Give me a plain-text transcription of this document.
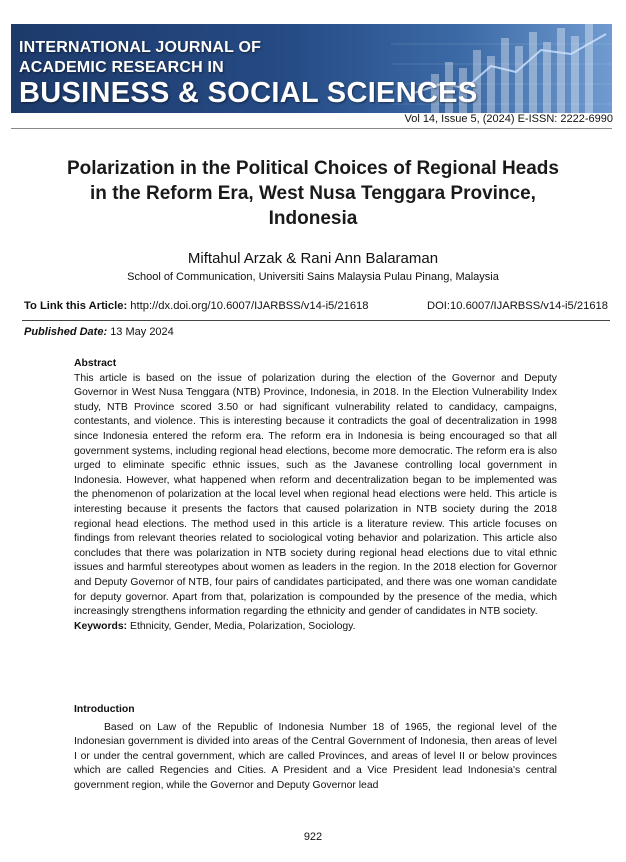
INTERNATIONAL JOURNAL OF
ACADEMIC RESEARCH IN
BUSINESS & SOCIAL SCIENCES
Vol 14, Issue 5, (2024) E-ISSN: 2222-6990
Polarization in the Political Choices of Regional Heads in the Reform Era, West Nusa Tenggara Province, Indonesia
Miftahul Arzak & Rani Ann Balaraman
School of Communication, Universiti Sains Malaysia Pulau Pinang, Malaysia
To Link this Article: http://dx.doi.org/10.6007/IJARBSS/v14-i5/21618	DOI:10.6007/IJARBSS/v14-i5/21618
Published Date: 13 May 2024
Abstract
This article is based on the issue of polarization during the election of the Governor and Deputy Governor in West Nusa Tenggara (NTB) Province, Indonesia, in 2018. In the Election Vulnerability Index study, NTB Province scored 3.50 or had significant vulnerability related to candidacy, campaigns, contestants, and violence. This is interesting because it contradicts the goal of decentralization in 1998 since Indonesia entered the reform era. The reform era in Indonesia is being encouraged so that all government systems, including regional head elections, become more democratic. The reform era is also urged to eliminate specific ethnic issues, such as the Javanese controlling local government in Indonesia. However, what happened when reform and decentralization began to be implemented was the phenomenon of polarization at the local level when regional head elections were held. This article is interesting because it presents the factors that caused polarization in NTB society during the 2018 regional head elections. The method used in this article is a literature review. This article focuses on findings from relevant theories related to sociological voting behavior and polarization. This article also concludes that there was polarization in NTB society during regional head elections due to vital ethnic issues and harmful stereotypes about women as leaders in the region. In the 2018 election for Governor and Deputy Governor of NTB, four pairs of candidates participated, and there was one woman candidate for deputy governor. Apart from that, polarization is compounded by the presence of the media, which increasingly strengthens information regarding the ethnicity and gender of candidates in NTB society.
Keywords: Ethnicity, Gender, Media, Polarization, Sociology.
Introduction
Based on Law of the Republic of Indonesia Number 18 of 1965, the regional level of the Indonesian government is divided into areas of the Central Government of Indonesia, then areas of level I or under the central government, which are called Provinces, and areas of level II or below provinces which are called Regencies and Cities. A President and a Vice President lead Indonesia's central government region, while the Governor and Deputy Governor lead
922
